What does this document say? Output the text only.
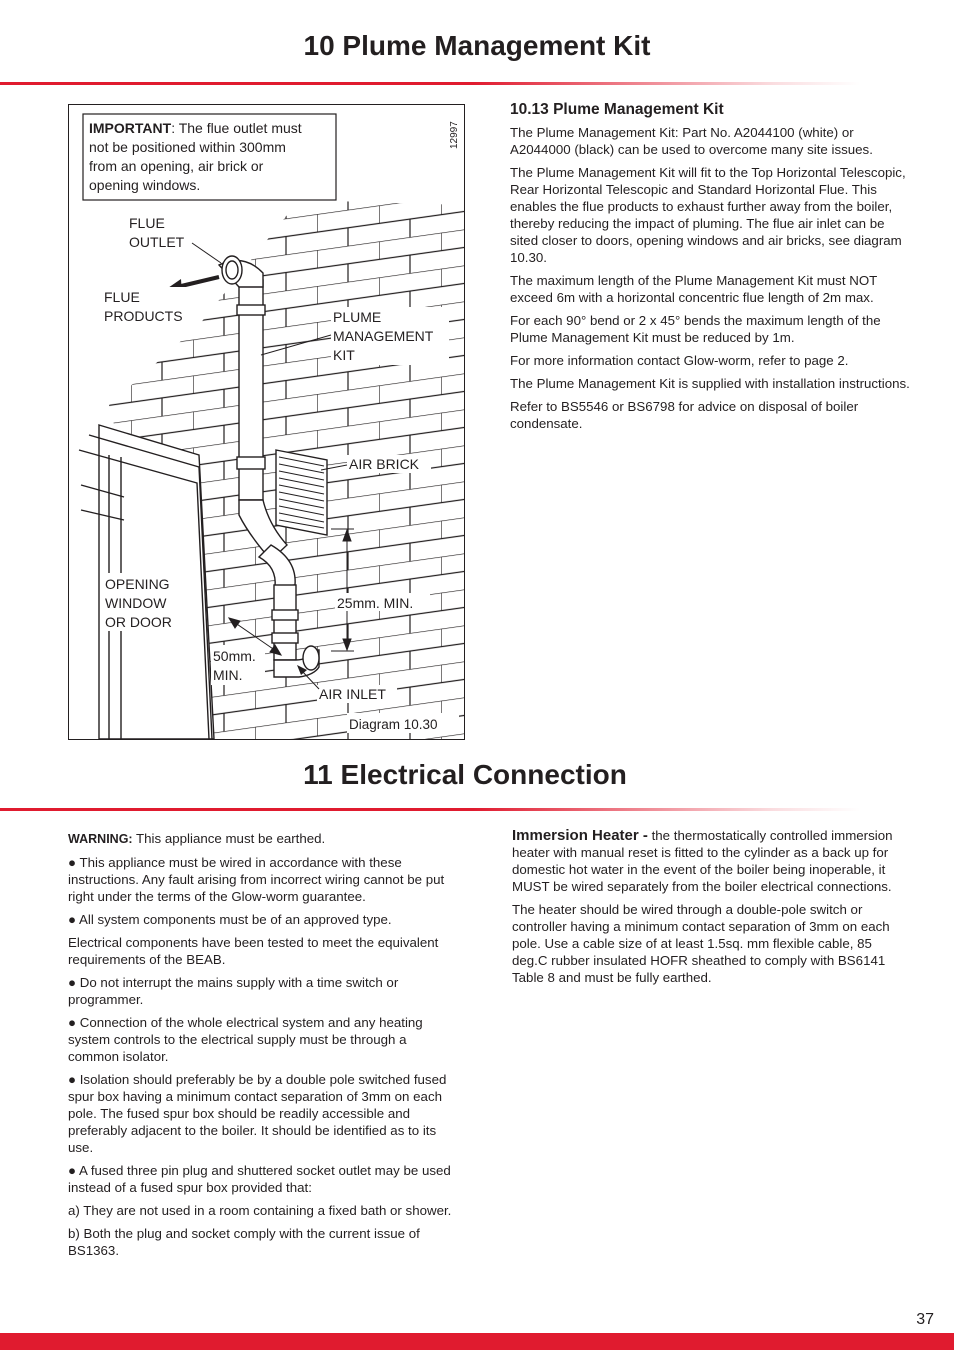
10 Plume Management Kit
IMPORTANT: The flue outlet must
not be positioned within 300mm
from an opening, air brick or
opening windows.
12997
FLUE
OUTLET
FLUE
PRODUCTS	PLUME
MANAGEMENT
KIT
AIR BRICK
OPENING
WINDOW
OR DOOR
25mm. MIN.
50mm.
MIN.
AIR INLET
Diagram 10.30

10.13 Plume Management Kit

The Plume Management Kit: Part No. A2044100 (white) or A2044000 (black) can be used to overcome many site issues.

The Plume Management Kit will fit to the Top Horizontal Telescopic, Rear Horizontal Telescopic and Standard Horizontal Flue. This enables the flue products to exhaust further away from the boiler, thereby reducing the impact of pluming. The flue air inlet can be sited closer to doors, opening windows and air bricks, see diagram 10.30.

The maximum length of the Plume Management Kit must NOT exceed 6m with a horizontal concentric flue length of 2m max.

For each 90° bend or 2 x 45° bends the maximum length of the Plume Management Kit must be reduced by 1m.

For more information contact Glow-worm, refer to page 2.

The Plume Management Kit is supplied with installation instructions.

Refer to BS5546 or BS6798 for advice on disposal of boiler condensate.

11 Electrical Connection

WARNING: This appliance must be earthed.

● This appliance must be wired in accordance with these instructions. Any fault arising from incorrect wiring cannot be put right under the terms of the Glow-worm guarantee.

● All system components must be of an approved type.

Electrical components have been tested to meet the equivalent requirements of the BEAB.

● Do not interrupt the mains supply with a time switch or programmer.

● Connection of the whole electrical system and any heating system controls to the electrical supply must be through a common isolator.

● Isolation should preferably be by a double pole switched fused spur box having a minimum contact separation of 3mm on each pole. The fused spur box should be readily accessible and preferably adjacent to the boiler. It should be identified as to its use.

● A fused three pin plug and shuttered socket outlet may be used instead of a fused spur box provided that:

a) They are not used in a room containing a fixed bath or shower.

b) Both the plug and socket comply with the current issue of BS1363.

Immersion Heater - the thermostatically controlled immersion heater with manual reset is fitted to the cylinder as a back up for domestic hot water in the event of the boiler being inoperable, it MUST be wired separately from the boiler electrical connections.

The heater should be wired through a double-pole switch or controller having a minimum contact separation of 3mm on each pole. Use a cable size of at least 1.5sq. mm flexible cable, 85 deg.C rubber insulated HOFR sheathed to comply with BS6141 Table 8 and must be fully earthed.

37
